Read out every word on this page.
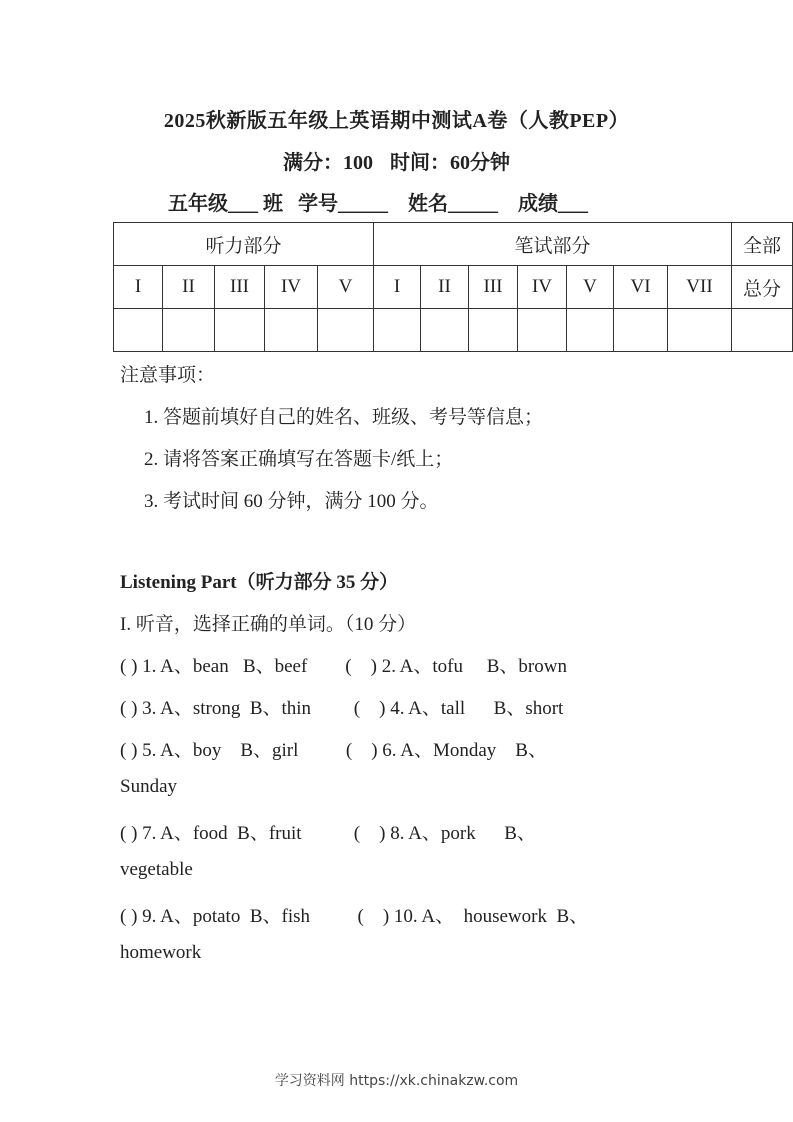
2025秋新版五年级上英语期中测试A卷（人教PEP）
满分：100 时间：60分钟
五年级___ 班   学号_____    姓名_____    成绩___
听力部分					笔试部分							全部
I	II	III	IV	V	I	II	III	IV	V	VI	VII	总分

注意事项：
1. 答题前填好自己的姓名、班级、考号等信息；
2. 请将答案正确填写在答题卡/纸上；
3. 考试时间 60 分钟，满分 100 分。
Listening Part（听力部分 35 分）
I. 听音，选择正确的单词。（10 分）
( ) 1. A、bean   B、beef        (    ) 2. A、tofu     B、brown
( ) 3. A、strong  B、thin         (    ) 4. A、tall      B、short
( ) 5. A、boy    B、girl          (    ) 6. A、Monday    B、
Sunday
( ) 7. A、food  B、fruit           (    ) 8. A、pork      B、
vegetable
( ) 9. A、potato  B、fish          (    ) 10. A、  housework  B、
homework
学习资料网 https://xk.chinakzw.com
